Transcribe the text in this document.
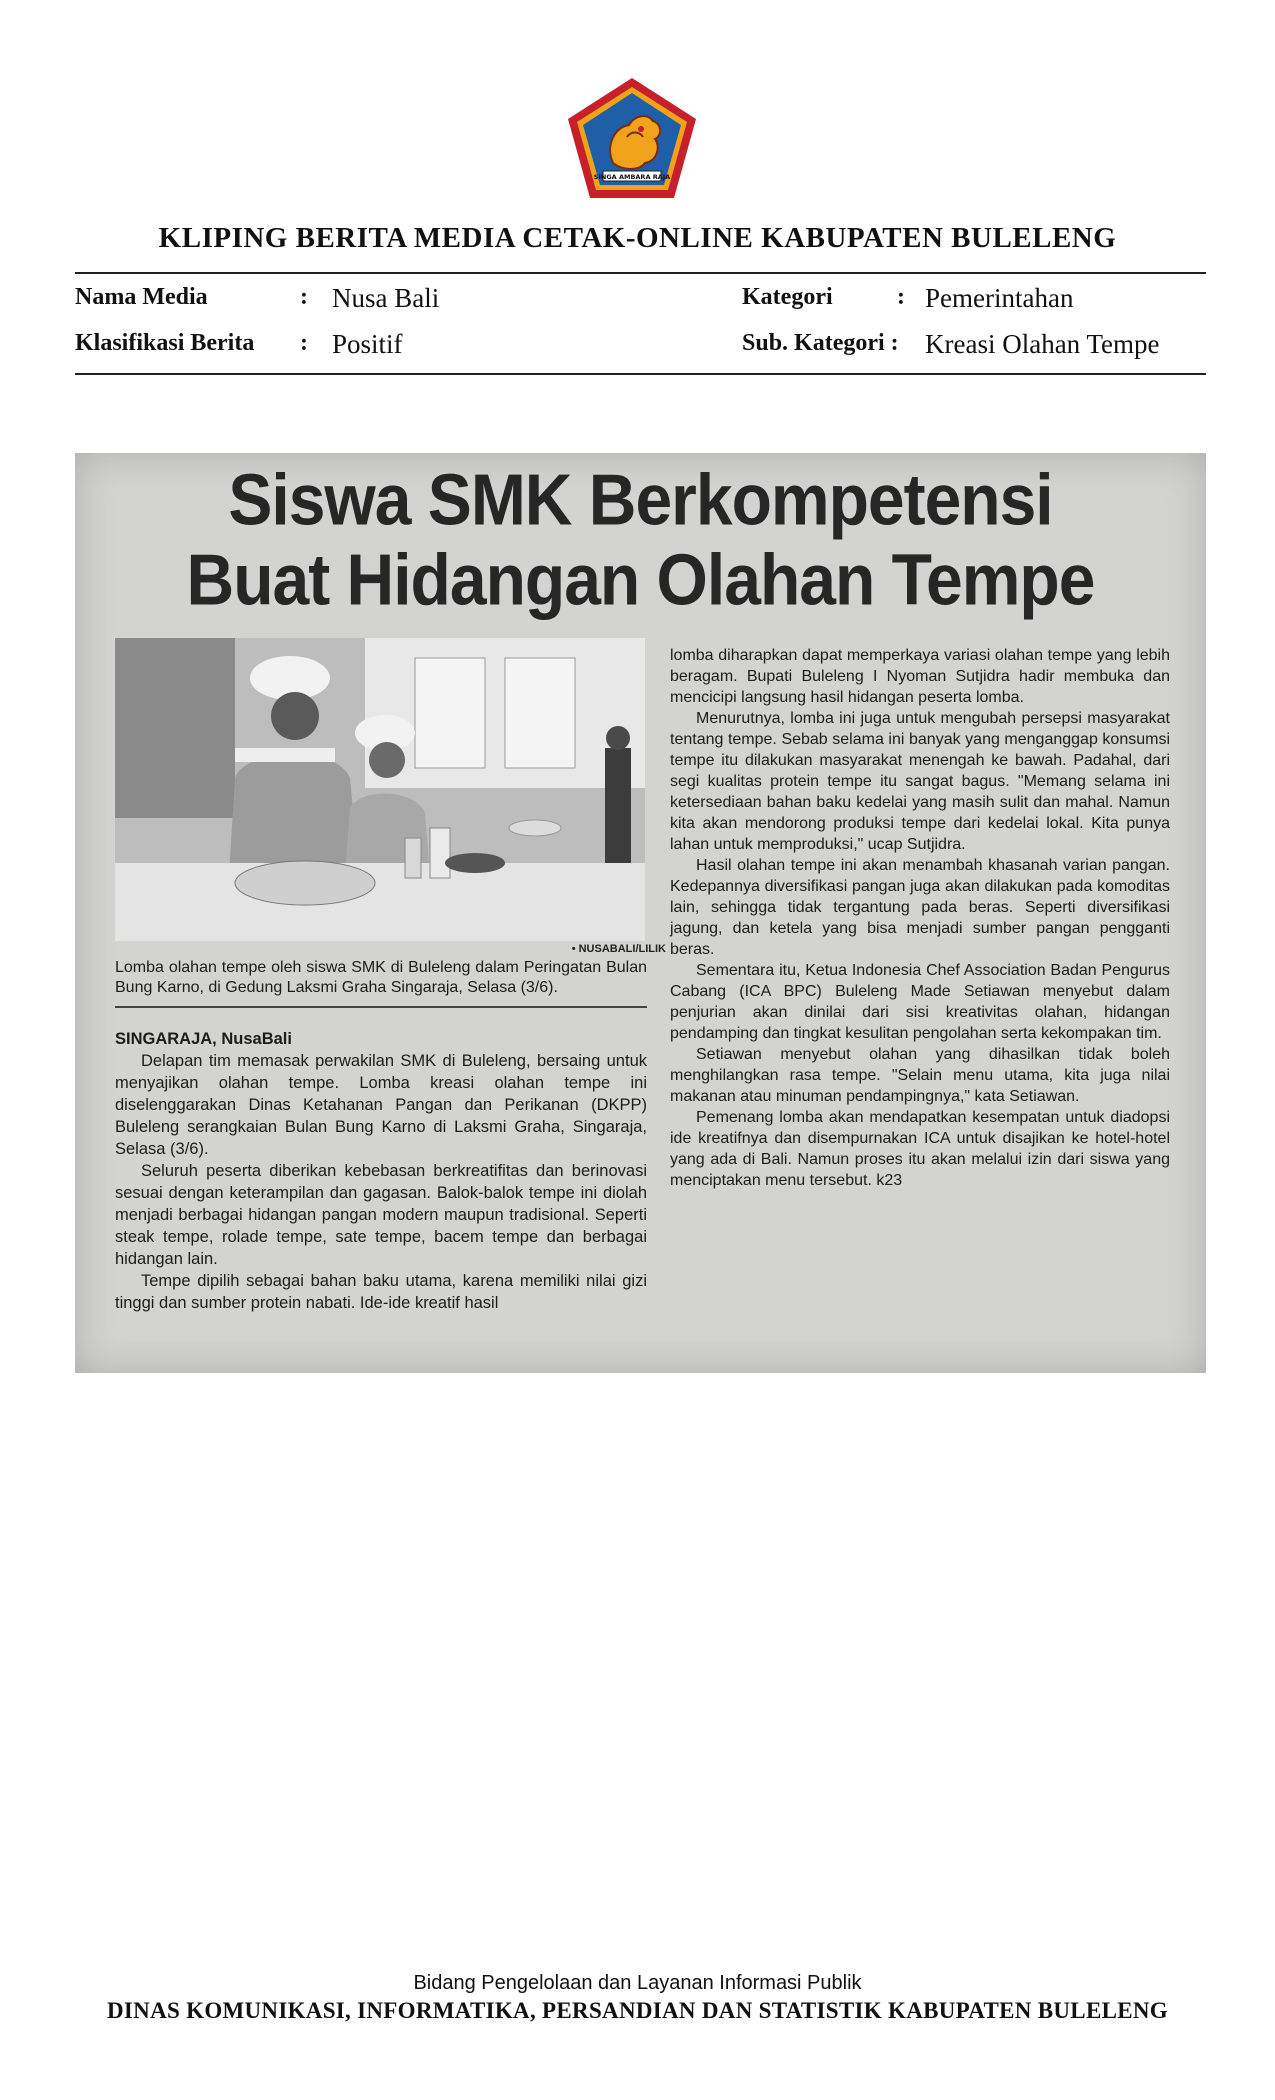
SINGA AMBARA RAJA
KLIPING BERITA MEDIA CETAK-ONLINE KABUPATEN BULELENG
Nama Media	: Nusa Bali	Kategori	: Pemerintahan
Klasifikasi Berita : Positif	Sub. Kategori : Kreasi Olahan Tempe
Siswa SMK Berkompetensi
Buat Hidangan Olahan Tempe
• NUSABALI/LILIK
Lomba olahan tempe oleh siswa SMK di Buleleng dalam Peringatan Bulan Bung Karno, di Gedung Laksmi Graha Singaraja, Selasa (3/6).

SINGARAJA, NusaBali

Delapan tim memasak perwakilan SMK di Buleleng, bersaing untuk menyajikan olahan tempe. Lomba kreasi olahan tempe ini diselenggarakan Dinas Ketahanan Pangan dan Perikanan (DKPP) Buleleng serangkaian Bulan Bung Karno di Laksmi Graha, Singaraja, Selasa (3/6).

Seluruh peserta diberikan kebebasan berkreatifitas dan berinovasi sesuai dengan keterampilan dan gagasan. Balok-balok tempe ini diolah menjadi berbagai hidangan pangan modern maupun tradisional. Seperti steak tempe, rolade tempe, sate tempe, bacem tempe dan berbagai hidangan lain.

Tempe dipilih sebagai bahan baku utama, karena memiliki nilai gizi tinggi dan sumber protein nabati. Ide-ide kreatif hasil

lomba diharapkan dapat memperkaya variasi olahan tempe yang lebih beragam. Bupati Buleleng I Nyoman Sutjidra hadir membuka dan mencicipi langsung hasil hidangan peserta lomba.

Menurutnya, lomba ini juga untuk mengubah persepsi masyarakat tentang tempe. Sebab selama ini banyak yang menganggap konsumsi tempe itu dilakukan masyarakat menengah ke bawah. Padahal, dari segi kualitas protein tempe itu sangat bagus. "Memang selama ini ketersediaan bahan baku kedelai yang masih sulit dan mahal. Namun kita akan mendorong produksi tempe dari kedelai lokal. Kita punya lahan untuk memproduksi," ucap Sutjidra.

Hasil olahan tempe ini akan menambah khasanah varian pangan. Kedepannya diversifikasi pangan juga akan dilakukan pada komoditas lain, sehingga tidak tergantung pada beras. Seperti diversifikasi jagung, dan ketela yang bisa menjadi sumber pangan pengganti beras.

Sementara itu, Ketua Indonesia Chef Association Badan Pengurus Cabang (ICA BPC) Buleleng Made Setiawan menyebut dalam penjurian akan dinilai dari sisi kreativitas olahan, hidangan pendamping dan tingkat kesulitan pengolahan serta kekompakan tim.

Setiawan menyebut olahan yang dihasilkan tidak boleh menghilangkan rasa tempe. "Selain menu utama, kita juga nilai makanan atau minuman pendampingnya," kata Setiawan.

Pemenang lomba akan mendapatkan kesempatan untuk diadopsi ide kreatifnya dan disempurnakan ICA untuk disajikan ke hotel-hotel yang ada di Bali. Namun proses itu akan melalui izin dari siswa yang menciptakan menu tersebut. k23

Bidang Pengelolaan dan Layanan Informasi Publik
DINAS KOMUNIKASI, INFORMATIKA, PERSANDIAN DAN STATISTIK KABUPATEN BULELENG
